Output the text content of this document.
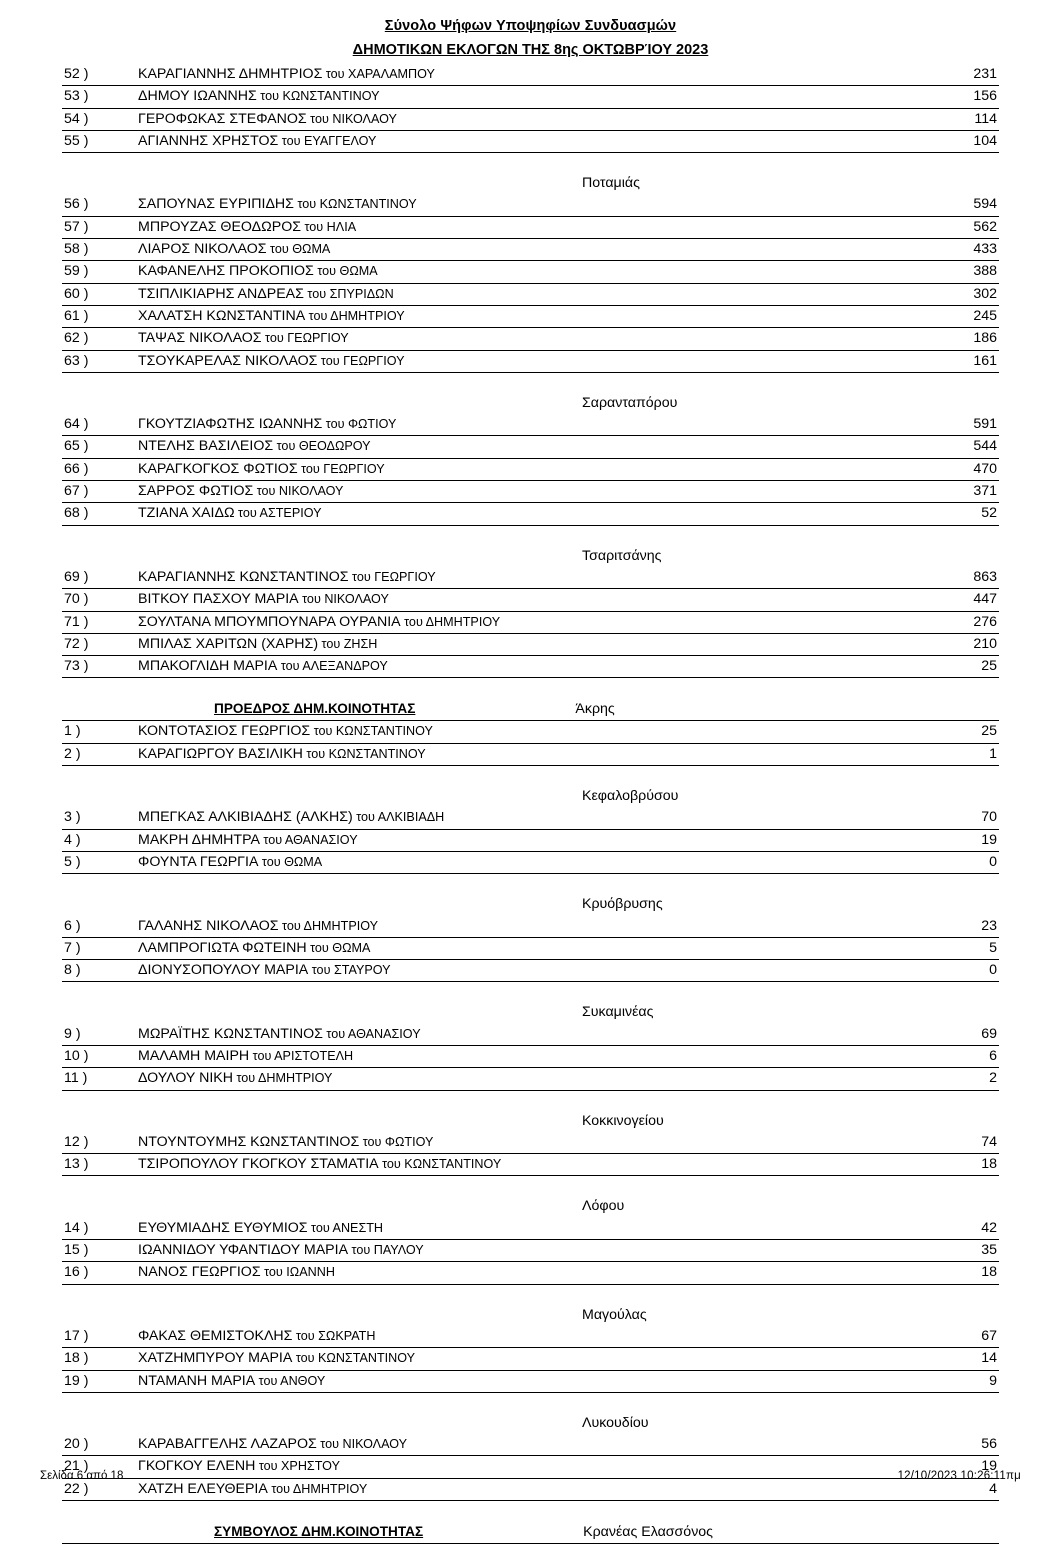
Σύνολο Ψήφων Υποψηφίων Συνδυασμών
ΔΗΜΟΤΙΚΩΝ ΕΚΛΟΓΩΝ ΤΗΣ 8ης ΟΚΤΩΒΡΊΟΥ 2023
52 )	ΚΑΡΑΓΙΑΝΝΗΣ ΔΗΜΗΤΡΙΟΣ του ΧΑΡΑΛΑΜΠΟΥ	231
53 )	ΔΗΜΟΥ ΙΩΑΝΝΗΣ του ΚΩΝΣΤΑΝΤΙΝΟΥ	156
54 )	ΓΕΡΟΦΩΚΑΣ ΣΤΕΦΑΝΟΣ του ΝΙΚΟΛΑΟΥ	114
55 )	ΑΓΙΑΝΝΗΣ ΧΡΗΣΤΟΣ του ΕΥΑΓΓΕΛΟΥ	104

Ποταμιάς		
56 )	ΣΑΠΟΥΝΑΣ ΕΥΡΙΠΙΔΗΣ του ΚΩΝΣΤΑΝΤΙΝΟΥ	594
57 )	ΜΠΡΟΥΖΑΣ ΘΕΟΔΩΡΟΣ του ΗΛΙΑ	562
58 )	ΛΙΑΡΟΣ ΝΙΚΟΛΑΟΣ του ΘΩΜΑ	433
59 )	ΚΑΦΑΝΕΛΗΣ ΠΡΟΚΟΠΙΟΣ του ΘΩΜΑ	388
60 )	ΤΣΙΠΛΙΚΙΑΡΗΣ ΑΝΔΡΕΑΣ του ΣΠΥΡΙΔΩΝ	302
61 )	ΧΑΛΑΤΣΗ ΚΩΝΣΤΑΝΤΙΝΑ του ΔΗΜΗΤΡΙΟΥ	245
62 )	ΤΑΨΑΣ ΝΙΚΟΛΑΟΣ του ΓΕΩΡΓΙΟΥ	186
63 )	ΤΣΟΥΚΑΡΕΛΑΣ ΝΙΚΟΛΑΟΣ του ΓΕΩΡΓΙΟΥ	161

Σαρανταπόρου		
64 )	ΓΚΟΥΤΖΙΑΦΩΤΗΣ ΙΩΑΝΝΗΣ του ΦΩΤΙΟΥ	591
65 )	ΝΤΕΛΗΣ ΒΑΣΙΛΕΙΟΣ του ΘΕΟΔΩΡΟΥ	544
66 )	ΚΑΡΑΓΚΟΓΚΟΣ ΦΩΤΙΟΣ του ΓΕΩΡΓΙΟΥ	470
67 )	ΣΑΡΡΟΣ ΦΩΤΙΟΣ του ΝΙΚΟΛΑΟΥ	371
68 )	ΤΖΙΑΝΑ ΧΑΙΔΩ του ΑΣΤΕΡΙΟΥ	52

Τσαριτσάνης		
69 )	ΚΑΡΑΓΙΑΝΝΗΣ ΚΩΝΣΤΑΝΤΙΝΟΣ του ΓΕΩΡΓΙΟΥ	863
70 )	ΒΙΤΚΟΥ ΠΑΣΧΟΥ ΜΑΡΙΑ του ΝΙΚΟΛΑΟΥ	447
71 )	ΣΟΥΛΤΑΝΑ ΜΠΟΥΜΠΟΥΝΑΡΑ ΟΥΡΑΝΙΑ του ΔΗΜΗΤΡΙΟΥ	276
72 )	ΜΠΙΛΑΣ ΧΑΡΙΤΩΝ (ΧΑΡΗΣ) του ΖΗΣΗ	210
73 )	ΜΠΑΚΟΓΛΙΔΗ ΜΑΡΙΑ του ΑΛΕΞΑΝΔΡΟΥ	25

ΠΡΟΕΔΡΟΣ ΔΗΜ.ΚΟΙΝΟΤΗΤΑΣ Άκρης		
1 )	ΚΟΝΤΟΤΑΣΙΟΣ ΓΕΩΡΓΙΟΣ του ΚΩΝΣΤΑΝΤΙΝΟΥ	25
2 )	ΚΑΡΑΓΙΩΡΓΟΥ ΒΑΣΙΛΙΚΗ του ΚΩΝΣΤΑΝΤΙΝΟΥ	1

Κεφαλοβρύσου		
3 )	ΜΠΕΓΚΑΣ ΑΛΚΙΒΙΑΔΗΣ (ΑΛΚΗΣ) του ΑΛΚΙΒΙΑΔΗ	70
4 )	ΜΑΚΡΗ ΔΗΜΗΤΡΑ του ΑΘΑΝΑΣΙΟΥ	19
5 )	ΦΟΥΝΤΑ ΓΕΩΡΓΙΑ του ΘΩΜΑ	0

Κρυόβρυσης		
6 )	ΓΑΛΑΝΗΣ ΝΙΚΟΛΑΟΣ του ΔΗΜΗΤΡΙΟΥ	23
7 )	ΛΑΜΠΡΟΓΙΩΤΑ ΦΩΤΕΙΝΗ του ΘΩΜΑ	5
8 )	ΔΙΟΝΥΣΟΠΟΥΛΟΥ ΜΑΡΙΑ του ΣΤΑΥΡΟΥ	0

Συκαμινέας		
9 )	ΜΩΡΑΪΤΗΣ ΚΩΝΣΤΑΝΤΙΝΟΣ του ΑΘΑΝΑΣΙΟΥ	69
10 )	ΜΑΛΑΜΗ ΜΑΙΡΗ του ΑΡΙΣΤΟΤΕΛΗ	6
11 )	ΔΟΥΛΟΥ ΝΙΚΗ του ΔΗΜΗΤΡΙΟΥ	2

Κοκκινογείου		
12 )	ΝΤΟΥΝΤΟΥΜΗΣ ΚΩΝΣΤΑΝΤΙΝΟΣ του ΦΩΤΙΟΥ	74
13 )	ΤΣΙΡΟΠΟΥΛΟΥ ΓΚΟΓΚΟΥ ΣΤΑΜΑΤΙΑ του ΚΩΝΣΤΑΝΤΙΝΟΥ	18

Λόφου		
14 )	ΕΥΘΥΜΙΑΔΗΣ ΕΥΘΥΜΙΟΣ του ΑΝΕΣΤΗ	42
15 )	ΙΩΑΝΝΙΔΟΥ ΥΦΑΝΤΙΔΟΥ ΜΑΡΙΑ του ΠΑΥΛΟΥ	35
16 )	ΝΑΝΟΣ ΓΕΩΡΓΙΟΣ του ΙΩΑΝΝΗ	18

Μαγούλας		
17 )	ΦΑΚΑΣ ΘΕΜΙΣΤΟΚΛΗΣ του ΣΩΚΡΑΤΗ	67
18 )	ΧΑΤΖΗΜΠΥΡΟΥ ΜΑΡΙΑ του ΚΩΝΣΤΑΝΤΙΝΟΥ	14
19 )	ΝΤΑΜΑΝΗ ΜΑΡΙΑ του ΑΝΘΟΥ	9

Λυκουδίου		
20 )	ΚΑΡΑΒΑΓΓΕΛΗΣ ΛΑΖΑΡΟΣ του ΝΙΚΟΛΑΟΥ	56
21 )	ΓΚΟΓΚΟΥ ΕΛΕΝΗ του ΧΡΗΣΤΟΥ	19
22 )	ΧΑΤΖΗ ΕΛΕΥΘΕΡΙΑ του ΔΗΜΗΤΡΙΟΥ	4

ΣΥΜΒΟΥΛΟΣ ΔΗΜ.ΚΟΙΝΟΤΗΤΑΣ Κρανέας Ελασσόνος		
Σελίδα 6 από 18	12/10/2023 10:26:11πμ
